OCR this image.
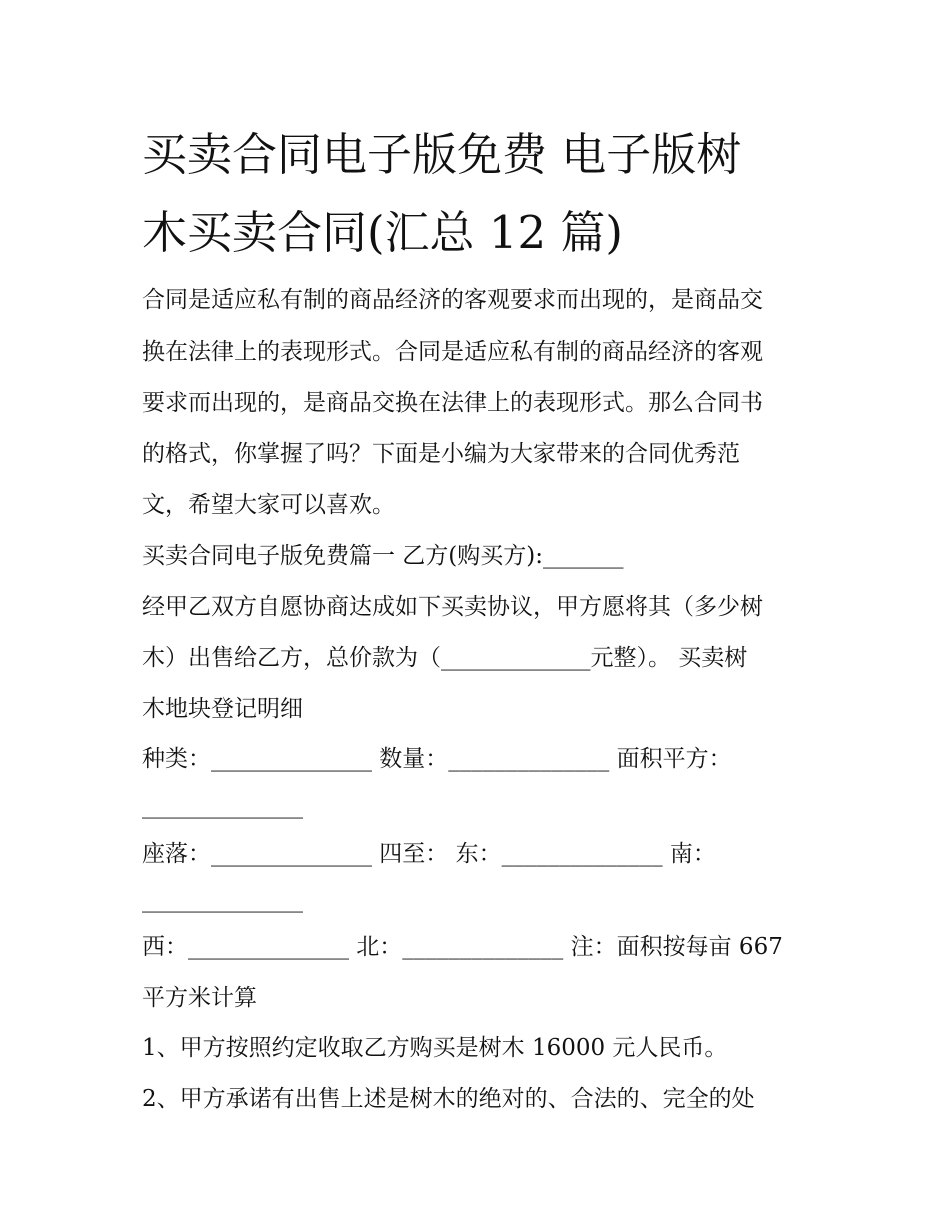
买卖合同电子版免费 电子版树
木买卖合同(汇总 12 篇)
合同是适应私有制的商品经济的客观要求而出现的，是商品交
换在法律上的表现形式。合同是适应私有制的商品经济的客观
要求而出现的，是商品交换在法律上的表现形式。那么合同书
的格式，你掌握了吗？下面是小编为大家带来的合同优秀范
文，希望大家可以喜欢。
买卖合同电子版免费篇一 乙方(购买方):_______
经甲乙双方自愿协商达成如下买卖协议，甲方愿将其（多少树
木）出售给乙方，总价款为（_____________元整）。 买卖树
木地块登记明细
种类：______________ 数量：______________ 面积平方：
______________
座落：______________ 四至： 东：______________ 南：
______________
西：______________ 北：______________ 注：面积按每亩 667
平方米计算
1、甲方按照约定收取乙方购买是树木 16000 元人民币。
2、甲方承诺有出售上述是树木的绝对的、合法的、完全的处
